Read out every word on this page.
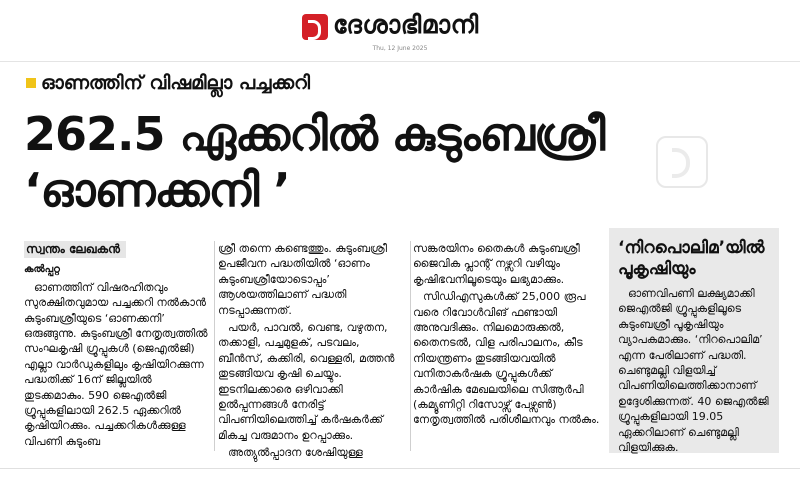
ദേശാഭിമാനി
Thu, 12 June 2025
ഓണത്തിന് വിഷമില്ലാ പച്ചക്കറി
262.5 ഏക്കറിൽ കുടുംബശ്രീ
‘ഓണക്കനി ’
സ്വന്തം ലേഖകൻ
കല്‍പ്പറ്റ

ഓണത്തിന് വിഷരഹിതവും സുരക്ഷിതവുമായ പച്ചക്കറി നൽകാൻ കുടുംബശ്രീയുടെ ‘ഓണക്കനി’ ഒരുങ്ങുന്നു. കുടുംബശ്രീ നേതൃത്വത്തിൽ സംഘകൃഷി ഗ്രൂപ്പുകൾ (ജെഎൽജി) എല്ലാ വാർഡുകളിലും കൃഷിയിറക്കുന്ന പദ്ധതിക്ക് 16ന് ജില്ലയിൽ തുടക്കമാകും. 590 ജെഎൽജി ഗ്രൂപ്പുകളിലായി 262.5 ഏക്കറിൽ കൃഷിയിറക്കും. പച്ചക്കറികൾക്കുള്ള വിപണി കുടുംബ

ശ്രീ തന്നെ കണ്ടെത്തും. കുടുംബശ്രീ ഉപജീവന പദ്ധതിയിൽ ‘ഓണം കുടുംബശ്രീയോടൊപ്പം’ ആശയത്തിലാണ് പദ്ധതി നടപ്പാക്കുന്നത്.

പയർ, പാവൽ, വെണ്ട, വഴുതന, തക്കാളി, പച്ചമുളക്, പടവലം, ബീൻസ്, കക്കിരി, വെള്ളരി, മത്തൻ തുടങ്ങിയവ കൃഷി ചെയ്യും. ഇടനിലക്കാരെ ഒഴിവാക്കി ഉൽപ്പന്നങ്ങൾ നേരിട്ട് വിപണിയിലെത്തിച്ച് കർഷകർക്ക് മികച്ച വരുമാനം ഉറപ്പാക്കും.

അത്യുൽപ്പാദന ശേഷിയുള്ള

സങ്കരയിനം തൈകൾ കുടുംബശ്രീ ജൈവിക പ്ലാന്റ് നഴ്സറി വഴിയും കൃഷിഭവനിലൂടെയും ലഭ്യമാക്കും.

സിഡിഎസുകൾക്ക് 25,000 രൂപ വരെ റിവോൾവിങ് ഫണ്ടായി അനുവദിക്കും. നിലമൊരുക്കൽ, തൈനടൽ, വിള പരിപാലനം, കീട നിയന്ത്രണം തുടങ്ങിയവയിൽ വനിതാകർഷക ഗ്രൂപ്പുകൾക്ക് കാർഷിക മേഖലയിലെ സിആർപി (കമ്യൂണിറ്റി റിസോഴ്സ് പേഴ്സൺ) നേതൃത്വത്തിൽ പരിശീലനവും നൽകും.

‘നിറപൊലിമ’യിൽ
പൂകൃഷിയും
ഓണവിപണി ലക്ഷ്യമാക്കി ജെഎൽജി ഗ്രൂപ്പുകളിലൂടെ കുടുംബശ്രീ പൂകൃഷിയും വ്യാപകമാക്കും. ‘നിറപൊലിമ’ എന്ന പേരിലാണ് പദ്ധതി. ചെണ്ടുമല്ലി വിളയിച്ച് വിപണിയിലെത്തിക്കാനാണ് ഉദ്ദേശിക്കുന്നത്. 40 ജെഎൽജി ഗ്രൂപ്പുകളിലായി 19.05 ഏക്കറിലാണ് ചെണ്ടുമല്ലി വിളയിക്കുക.
